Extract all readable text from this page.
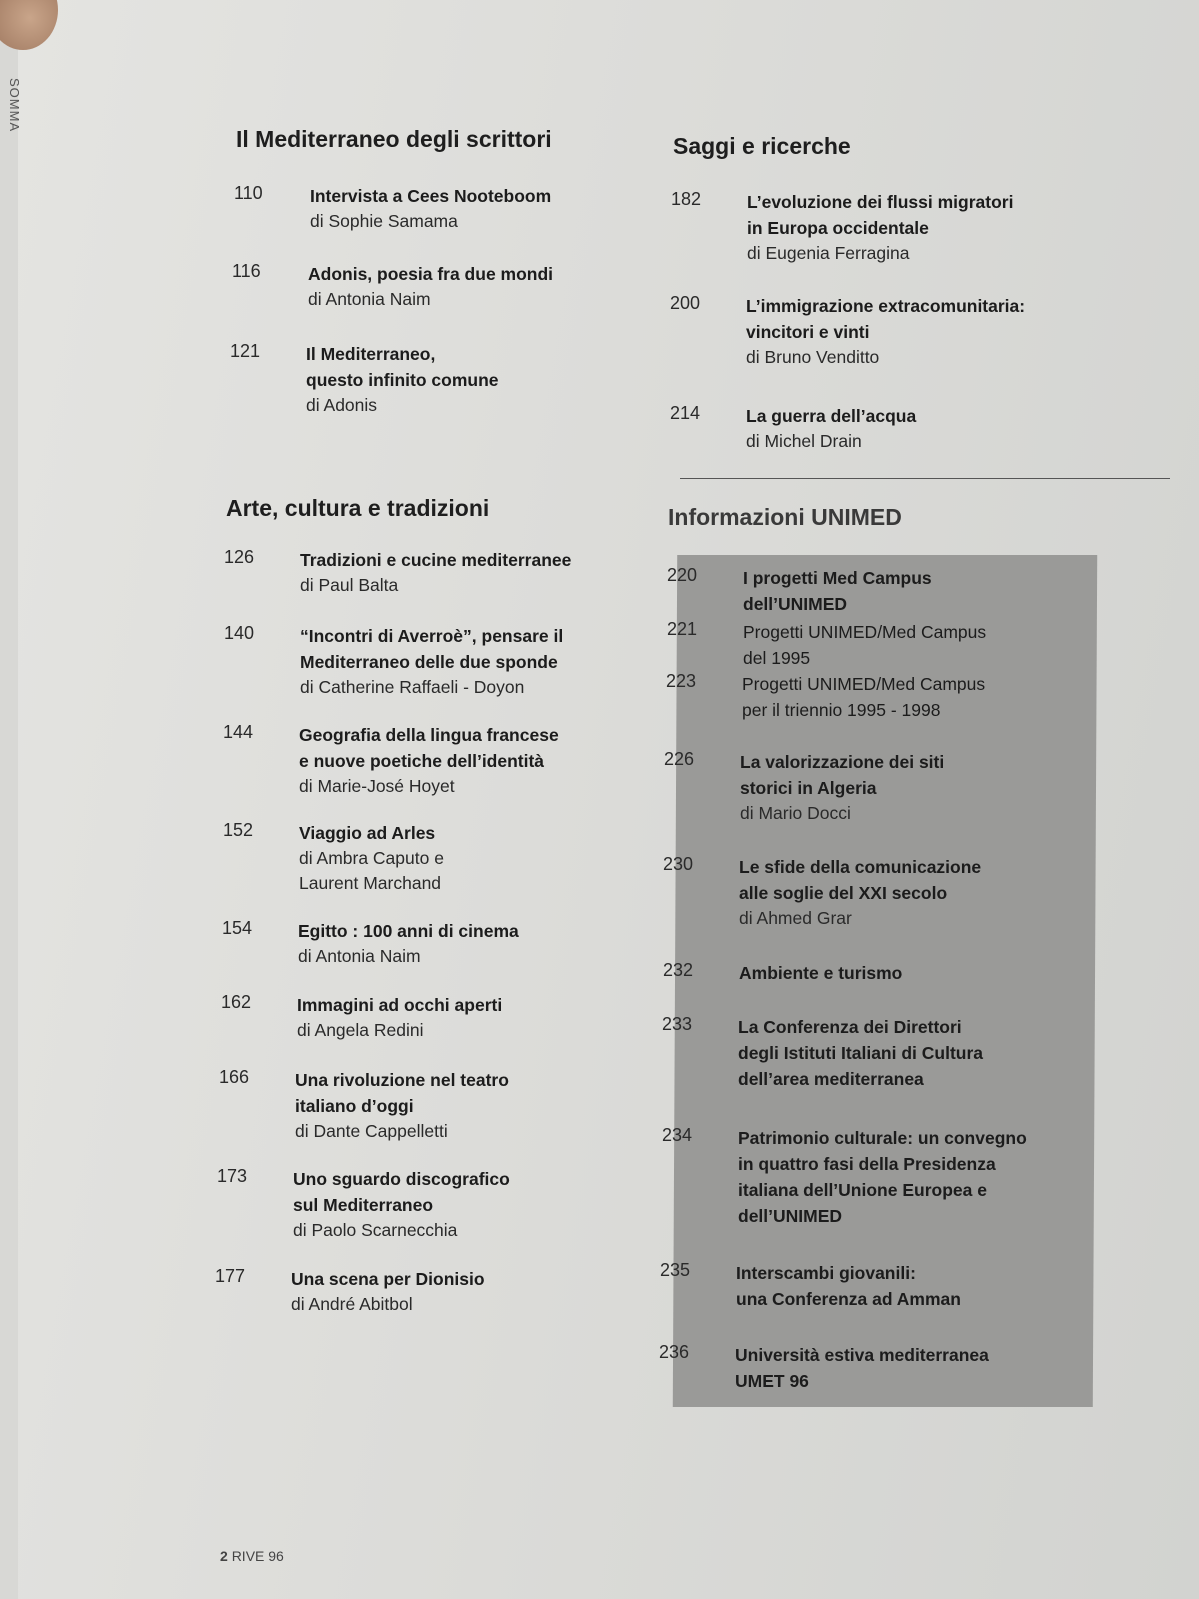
SOMMA
Il Mediterraneo degli scrittori
110	Intervista a Cees Nooteboom
di Sophie Samama
116	Adonis, poesia fra due mondi
di Antonia Naim
121	Il Mediterraneo,
questo infinito comune
di Adonis
Arte, cultura e tradizioni
126	Tradizioni e cucine mediterranee
di Paul Balta
140	“Incontri di Averroè”, pensare il
Mediterraneo delle due sponde
di Catherine Raffaeli - Doyon
144	Geografia della lingua francese
e nuove poetiche dell’identità
di Marie-José Hoyet
152	Viaggio ad Arles
di Ambra Caputo e
Laurent Marchand
154	Egitto : 100 anni di cinema
di Antonia Naim
162	Immagini ad occhi aperti
di Angela Redini
166	Una rivoluzione nel teatro
italiano d’oggi
di Dante Cappelletti
173	Uno sguardo discografico
sul Mediterraneo
di Paolo Scarnecchia
177	Una scena per Dionisio
di André Abitbol
Saggi e ricerche
182	L’evoluzione dei flussi migratori
in Europa occidentale
di Eugenia Ferragina
200	L’immigrazione extracomunitaria:
vincitori e vinti
di Bruno Venditto
214	La guerra dell’acqua
di Michel Drain
Informazioni UNIMED
220	I progetti Med Campus
dell’UNIMED
221	Progetti UNIMED/Med Campus
del 1995
223	Progetti UNIMED/Med Campus
per il triennio 1995 - 1998
226	La valorizzazione dei siti
storici in Algeria
di Mario Docci
230	Le sfide della comunicazione
alle soglie del XXI secolo
di Ahmed Grar
232	Ambiente e turismo
233	La Conferenza dei Direttori
degli Istituti Italiani di Cultura
dell’area mediterranea
234	Patrimonio culturale: un convegno
in quattro fasi della Presidenza
italiana dell’Unione Europea e
dell’UNIMED
235	Interscambi giovanili:
una Conferenza ad Amman
236	Università estiva mediterranea
UMET 96
2 RIVE 96
